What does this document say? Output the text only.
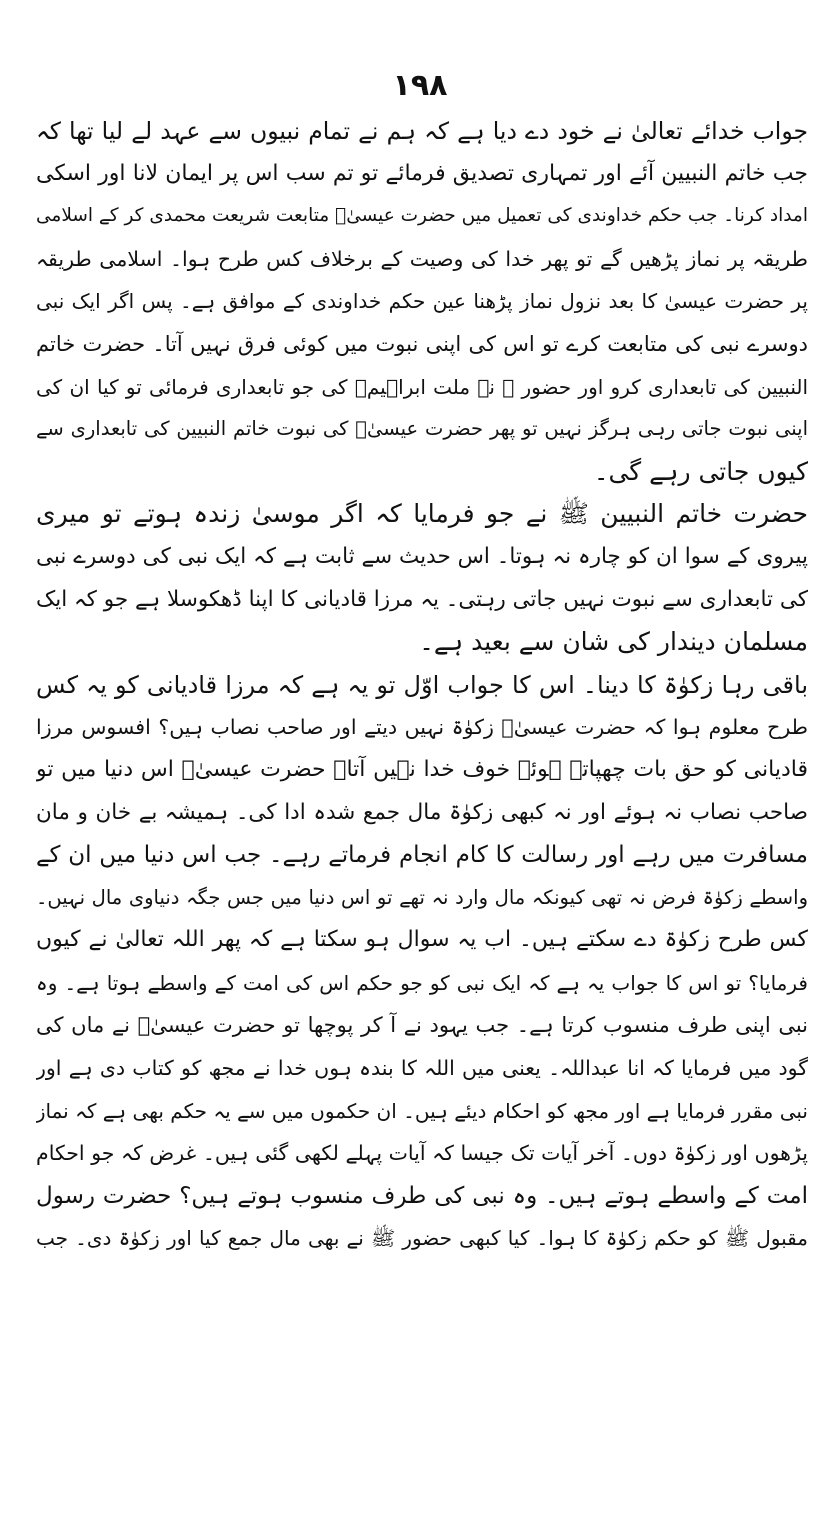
۱۹۸
جواب خدائے تعالیٰ نے خود دے دیا ہے کہ ہم نے تمام نبیوں سے عہد لے لیا تھا کہ
جب خاتم النبیین آئے اور تمہاری تصدیق فرمائے تو تم سب اس پر ایمان لانا اور اسکی
امداد کرنا۔ جب حکم خداوندی کی تعمیل میں حضرت عیسیٰؑ متابعت شریعت محمدی کر کے اسلامی
طریقہ پر نماز پڑھیں گے تو پھر خدا کی وصیت کے برخلاف کس طرح ہوا۔ اسلامی طریقہ
پر حضرت عیسیٰ کا بعد نزول نماز پڑھنا عین حکم خداوندی کے موافق ہے۔ پس اگر ایک نبی
دوسرے نبی کی متابعت کرے تو اس کی اپنی نبوت میں کوئی فرق نہیں آتا۔ حضرت خاتم
النبیین کی تابعداری کرو اور حضور ﷺ نے ملت ابراہیمؑ کی جو تابعداری فرمائی تو کیا ان کی
اپنی نبوت جاتی رہی ہرگز نہیں تو پھر حضرت عیسیٰؑ کی نبوت خاتم النبیین کی تابعداری سے
کیوں جاتی رہے گی۔
حضرت خاتم النبیین ﷺ نے جو فرمایا کہ اگر موسیٰ زندہ ہوتے تو میری
پیروی کے سوا ان کو چارہ نہ ہوتا۔ اس حدیث سے ثابت ہے کہ ایک نبی کی دوسرے نبی
کی تابعداری سے نبوت نہیں جاتی رہتی۔ یہ مرزا قادیانی کا اپنا ڈھکوسلا ہے جو کہ ایک
مسلمان دیندار کی شان سے بعید ہے۔
باقی رہا زکوٰۃ کا دینا۔ اس کا جواب اوّل تو یہ ہے کہ مرزا قادیانی کو یہ کس
طرح معلوم ہوا کہ حضرت عیسیٰؑ زکوٰۃ نہیں دیتے اور صاحب نصاب ہیں؟ افسوس مرزا
قادیانی کو حق بات چھپاتے ہوئے خوف خدا نہیں آتا۔ حضرت عیسیٰؑ اس دنیا میں تو
صاحب نصاب نہ ہوئے اور نہ کبھی زکوٰۃ مال جمع شدہ ادا کی۔ ہمیشہ بے خان و مان
مسافرت میں رہے اور رسالت کا کام انجام فرماتے رہے۔ جب اس دنیا میں ان کے
واسطے زکوٰۃ فرض نہ تھی کیونکہ مال وارد نہ تھے تو اس دنیا میں جس جگہ دنیاوی مال نہیں۔
کس طرح زکوٰۃ دے سکتے ہیں۔ اب یہ سوال ہو سکتا ہے کہ پھر اللہ تعالیٰ نے کیوں
فرمایا؟ تو اس کا جواب یہ ہے کہ ایک نبی کو جو حکم اس کی امت کے واسطے ہوتا ہے۔ وہ
نبی اپنی طرف منسوب کرتا ہے۔ جب یہود نے آ کر پوچھا تو حضرت عیسیٰؑ نے ماں کی
گود میں فرمایا کہ انا عبداللہ۔ یعنی میں اللہ کا بندہ ہوں خدا نے مجھ کو کتاب دی ہے اور
نبی مقرر فرمایا ہے اور مجھ کو احکام دیئے ہیں۔ ان حکموں میں سے یہ حکم بھی ہے کہ نماز
پڑھوں اور زکوٰۃ دوں۔ آخر آیات تک جیسا کہ آیات پہلے لکھی گئی ہیں۔ غرض کہ جو احکام
امت کے واسطے ہوتے ہیں۔ وہ نبی کی طرف منسوب ہوتے ہیں؟ حضرت رسول
مقبول ﷺ کو حکم زکوٰۃ کا ہوا۔ کیا کبھی حضور ﷺ نے بھی مال جمع کیا اور زکوٰۃ دی۔ جب
